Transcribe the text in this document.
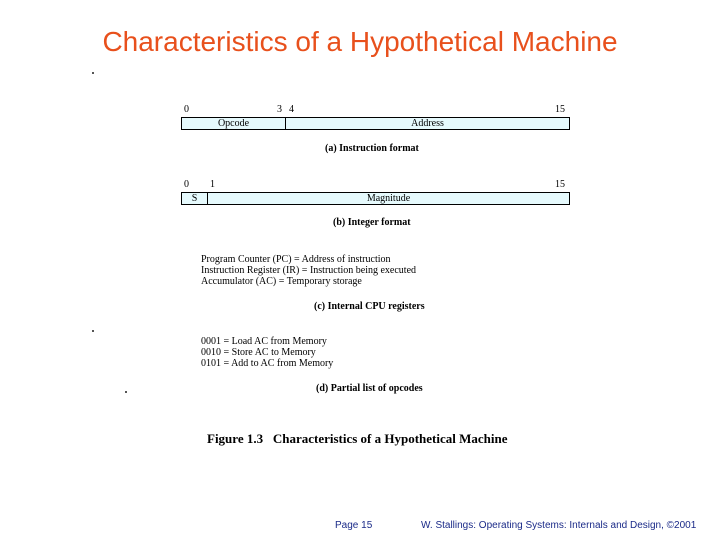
Characteristics of a Hypothetical Machine
0	3 4	15
Opcode	Address
(a) Instruction format
0 1	15
S	Magnitude
(b) Integer format
Program Counter (PC) = Address of instruction
Instruction Register (IR) = Instruction being executed
Accumulator (AC) = Temporary storage
(c) Internal CPU registers
0001 = Load AC from Memory
0010 = Store AC to Memory
0101 = Add to AC from Memory
(d) Partial list of opcodes
Figure 1.3 Characteristics of a Hypothetical Machine
Page 15	W. Stallings: Operating Systems: Internals and Design, ©2001
